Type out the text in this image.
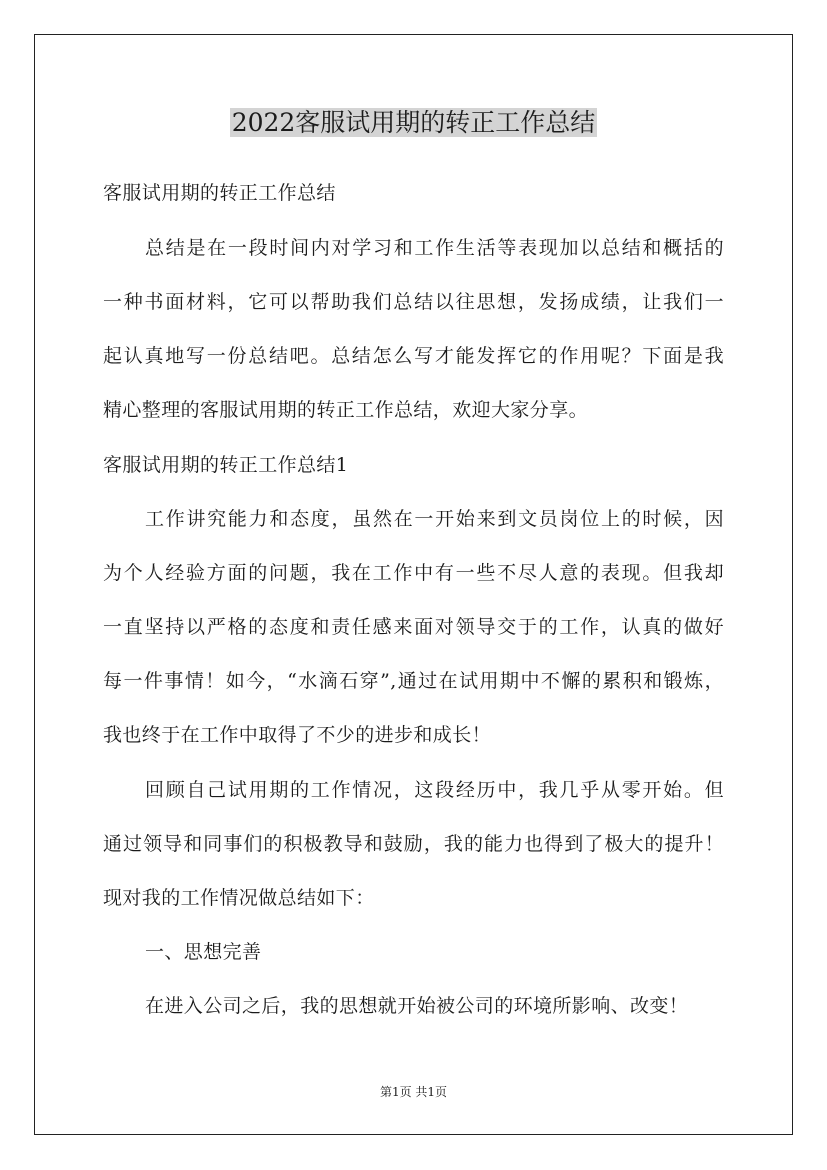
2022客服试用期的转正工作总结
客服试用期的转正工作总结
总结是在一段时间内对学习和工作生活等表现加以总结和概括的
一种书面材料，它可以帮助我们总结以往思想，发扬成绩，让我们一
起认真地写一份总结吧。总结怎么写才能发挥它的作用呢？下面是我
精心整理的客服试用期的转正工作总结，欢迎大家分享。
客服试用期的转正工作总结1
工作讲究能力和态度，虽然在一开始来到文员岗位上的时候，因
为个人经验方面的问题，我在工作中有一些不尽人意的表现。但我却
一直坚持以严格的态度和责任感来面对领导交于的工作，认真的做好
每一件事情！如今，“水滴石穿”,通过在试用期中不懈的累积和锻炼，
我也终于在工作中取得了不少的进步和成长！
回顾自己试用期的工作情况，这段经历中，我几乎从零开始。但
通过领导和同事们的积极教导和鼓励，我的能力也得到了极大的提升！
现对我的工作情况做总结如下：
一、思想完善
在进入公司之后，我的思想就开始被公司的环境所影响、改变！
第1页 共1页
